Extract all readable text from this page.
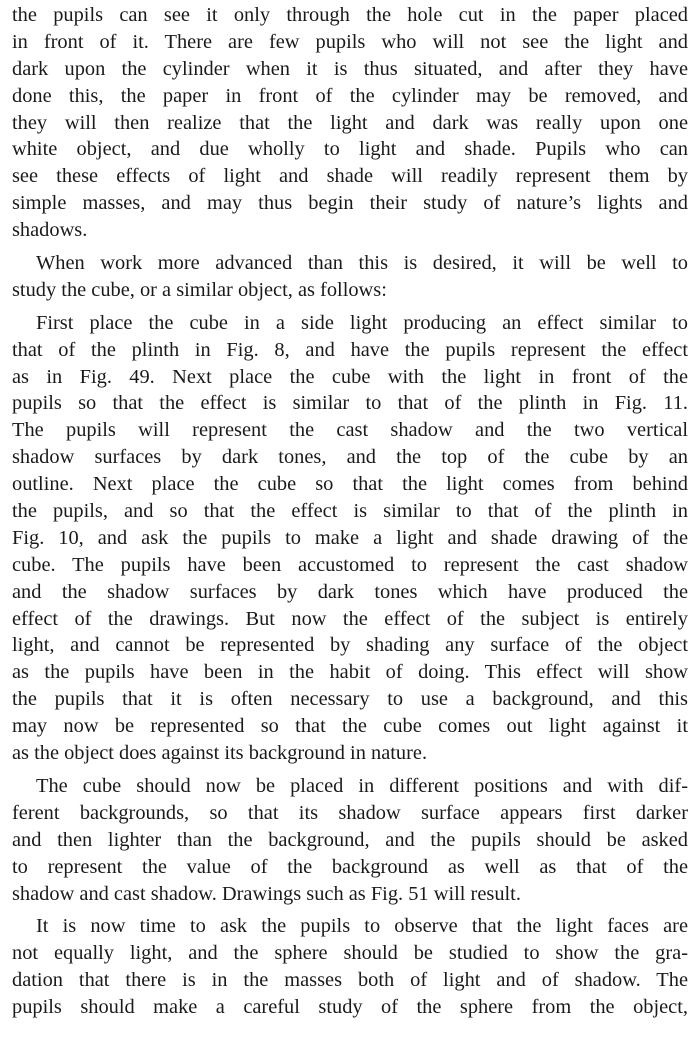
the pupils can see it only through the hole cut in the paper placed
in front of it. There are few pupils who will not see the light and
dark upon the cylinder when it is thus situated, and after they have
done this, the paper in front of the cylinder may be removed, and
they will then realize that the light and dark was really upon one
white object, and due wholly to light and shade. Pupils who can
see these effects of light and shade will readily represent them by
simple masses, and may thus begin their study of nature’s lights and
shadows.
When work more advanced than this is desired, it will be well to
study the cube, or a similar object, as follows:
First place the cube in a side light producing an effect similar to
that of the plinth in Fig. 8, and have the pupils represent the effect
as in Fig. 49. Next place the cube with the light in front of the
pupils so that the effect is similar to that of the plinth in Fig. 11.
The pupils will represent the cast shadow and the two vertical
shadow surfaces by dark tones, and the top of the cube by an
outline. Next place the cube so that the light comes from behind
the pupils, and so that the effect is similar to that of the plinth in
Fig. 10, and ask the pupils to make a light and shade drawing of the
cube. The pupils have been accustomed to represent the cast shadow
and the shadow surfaces by dark tones which have produced the
effect of the drawings. But now the effect of the subject is entirely
light, and cannot be represented by shading any surface of the object
as the pupils have been in the habit of doing. This effect will show
the pupils that it is often necessary to use a background, and this
may now be represented so that the cube comes out light against it
as the object does against its background in nature.
The cube should now be placed in different positions and with dif-
ferent backgrounds, so that its shadow surface appears first darker
and then lighter than the background, and the pupils should be asked
to represent the value of the background as well as that of the
shadow and cast shadow. Drawings such as Fig. 51 will result.
It is now time to ask the pupils to observe that the light faces are
not equally light, and the sphere should be studied to show the gra-
dation that there is in the masses both of light and of shadow. The
pupils should make a careful study of the sphere from the object,
